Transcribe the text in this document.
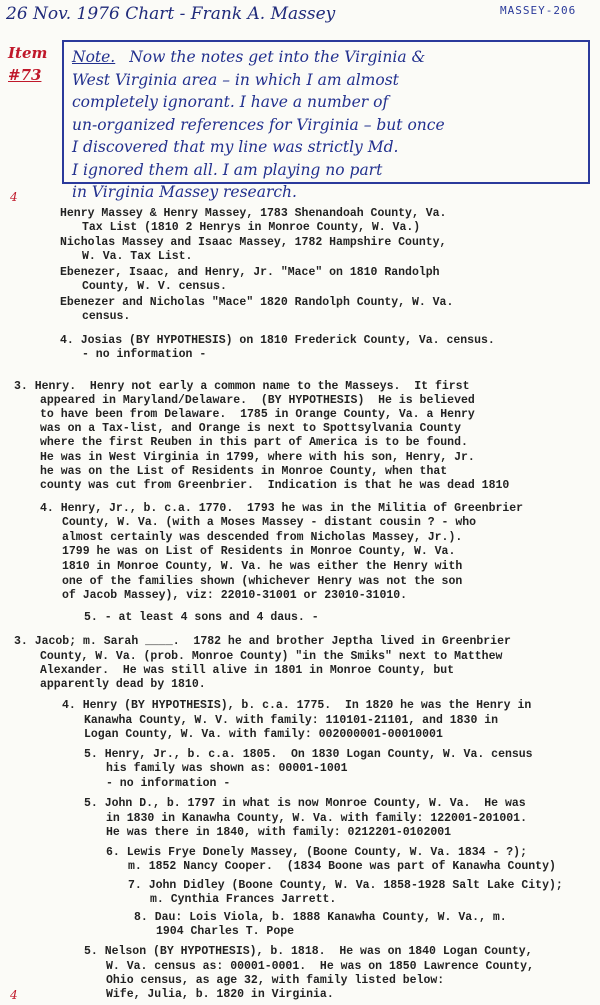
26 Nov. 1976 Chart - Frank A. Massey	MASSEY-206
Item
#73
Note. Now the notes get into the Virginia &
West Virginia area – in which I am almost
completely ignorant. I have a number of
un-organized references for Virginia – but once
I discovered that my line was strictly Md.
I ignored them all. I am playing no part
in Virginia Massey research.
4
4
Henry Massey & Henry Massey, 1783 Shenandoah County, Va.
Tax List (1810 2 Henrys in Monroe County, W. Va.)
Nicholas Massey and Isaac Massey, 1782 Hampshire County,
W. Va. Tax List.
Ebenezer, Isaac, and Henry, Jr. "Mace" on 1810 Randolph
County, W. V. census.
Ebenezer and Nicholas "Mace" 1820 Randolph County, W. Va.
census.
4. Josias (BY HYPOTHESIS) on 1810 Frederick County, Va. census.
- no information -
3. Henry.  Henry not early a common name to the Masseys.  It first
appeared in Maryland/Delaware.  (BY HYPOTHESIS)  He is believed
to have been from Delaware.  1785 in Orange County, Va. a Henry
was on a Tax-list, and Orange is next to Spottsylvania County
where the first Reuben in this part of America is to be found.
He was in West Virginia in 1799, where with his son, Henry, Jr.
he was on the List of Residents in Monroe County, when that
county was cut from Greenbrier.  Indication is that he was dead 1810
4. Henry, Jr., b. c.a. 1770.  1793 he was in the Militia of Greenbrier
County, W. Va. (with a Moses Massey - distant cousin ? - who
almost certainly was descended from Nicholas Massey, Jr.).
1799 he was on List of Residents in Monroe County, W. Va.
1810 in Monroe County, W. Va. he was either the Henry with
one of the families shown (whichever Henry was not the son
of Jacob Massey), viz: 22010-31001 or 23010-31010.
5. - at least 4 sons and 4 daus. -
3. Jacob; m. Sarah ____.  1782 he and brother Jeptha lived in Greenbrier
County, W. Va. (prob. Monroe County) "in the Smiks" next to Matthew
Alexander.  He was still alive in 1801 in Monroe County, but
apparently dead by 1810.
4. Henry (BY HYPOTHESIS), b. c.a. 1775.  In 1820 he was the Henry in
Kanawha County, W. V. with family: 110101-21101, and 1830 in
Logan County, W. Va. with family: 002000001-00010001
5. Henry, Jr., b. c.a. 1805.  On 1830 Logan County, W. Va. census
his family was shown as: 00001-1001
- no information -
5. John D., b. 1797 in what is now Monroe County, W. Va.  He was
in 1830 in Kanawha County, W. Va. with family: 122001-201001.
He was there in 1840, with family: 0212201-0102001
6. Lewis Frye Donely Massey, (Boone County, W. Va. 1834 - ?);
m. 1852 Nancy Cooper.  (1834 Boone was part of Kanawha County)
7. John Didley (Boone County, W. Va. 1858-1928 Salt Lake City);
m. Cynthia Frances Jarrett.
8. Dau: Lois Viola, b. 1888 Kanawha County, W. Va., m.
1904 Charles T. Pope
5. Nelson (BY HYPOTHESIS), b. 1818.  He was on 1840 Logan County,
W. Va. census as: 00001-0001.  He was on 1850 Lawrence County,
Ohio census, as age 32, with family listed below:
Wife, Julia, b. 1820 in Virginia.
